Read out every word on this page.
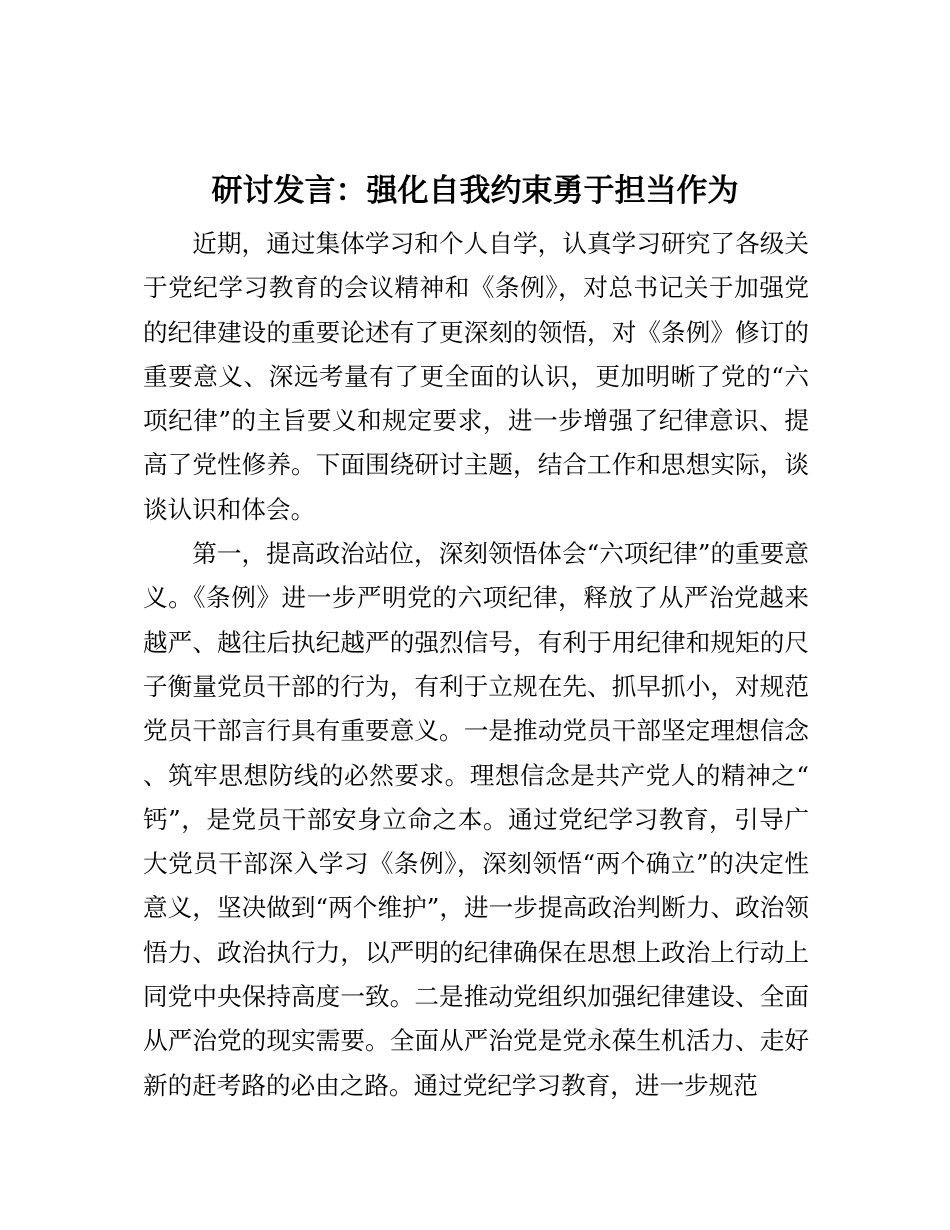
研讨发言：强化自我约束勇于担当作为

近期，通过集体学习和个人自学，认真学习研究了各级关于党纪学习教育的会议精神和《条例》，对总书记关于加强党的纪律建设的重要论述有了更深刻的领悟，对《条例》修订的重要意义、深远考量有了更全面的认识，更加明晰了党的“六项纪律”的主旨要义和规定要求，进一步增强了纪律意识、提高了党性修养。下面围绕研讨主题，结合工作和思想实际，谈谈认识和体会。

第一，提高政治站位，深刻领悟体会“六项纪律”的重要意义。《条例》进一步严明党的六项纪律，释放了从严治党越来越严、越往后执纪越严的强烈信号，有利于用纪律和规矩的尺子衡量党员干部的行为，有利于立规在先、抓早抓小，对规范党员干部言行具有重要意义。一是推动党员干部坚定理想信念、筑牢思想防线的必然要求。理想信念是共产党人的精神之“钙”，是党员干部安身立命之本。通过党纪学习教育，引导广大党员干部深入学习《条例》，深刻领悟“两个确立”的决定性意义，坚决做到“两个维护”，进一步提高政治判断力、政治领悟力、政治执行力，以严明的纪律确保在思想上政治上行动上同党中央保持高度一致。二是推动党组织加强纪律建设、全面从严治党的现实需要。全面从严治党是党永葆生机活力、走好新的赶考路的必由之路。通过党纪学习教育，进一步规范
